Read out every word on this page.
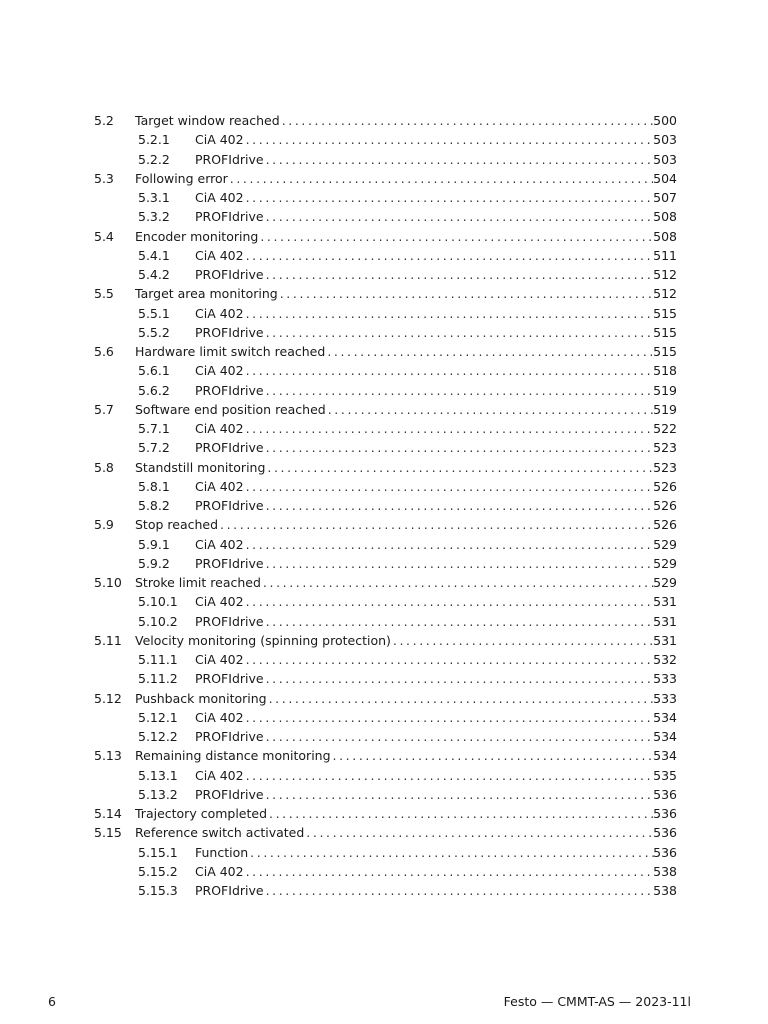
5.2 Target window reached .....	500
5.2.1 CiA 402 .....	503
5.2.2 PROFIdrive .....	503
5.3 Following error .....	504
5.3.1 CiA 402 .....	507
5.3.2 PROFIdrive .....	508
5.4 Encoder monitoring .....	508
5.4.1 CiA 402 .....	511
5.4.2 PROFIdrive .....	512
5.5 Target area monitoring .....	512
5.5.1 CiA 402 .....	515
5.5.2 PROFIdrive .....	515
5.6 Hardware limit switch reached .....	515
5.6.1 CiA 402 .....	518
5.6.2 PROFIdrive .....	519
5.7 Software end position reached .....	519
5.7.1 CiA 402 .....	522
5.7.2 PROFIdrive .....	523
5.8 Standstill monitoring .....	523
5.8.1 CiA 402 .....	526
5.8.2 PROFIdrive .....	526
5.9 Stop reached .....	526
5.9.1 CiA 402 .....	529
5.9.2 PROFIdrive .....	529
5.10 Stroke limit reached .....	529
5.10.1 CiA 402 .....	531
5.10.2 PROFIdrive .....	531
5.11 Velocity monitoring (spinning protection) .....	531
5.11.1 CiA 402 .....	532
5.11.2 PROFIdrive .....	533
5.12 Pushback monitoring .....	533
5.12.1 CiA 402 .....	534
5.12.2 PROFIdrive .....	534
5.13 Remaining distance monitoring .....	534
5.13.1 CiA 402 .....	535
5.13.2 PROFIdrive .....	536
5.14 Trajectory completed .....	536
5.15 Reference switch activated .....	536
5.15.1 Function .....	536
5.15.2 CiA 402 .....	538
5.15.3 PROFIdrive .....	538
6	Festo — CMMT-AS — 2023-11l
